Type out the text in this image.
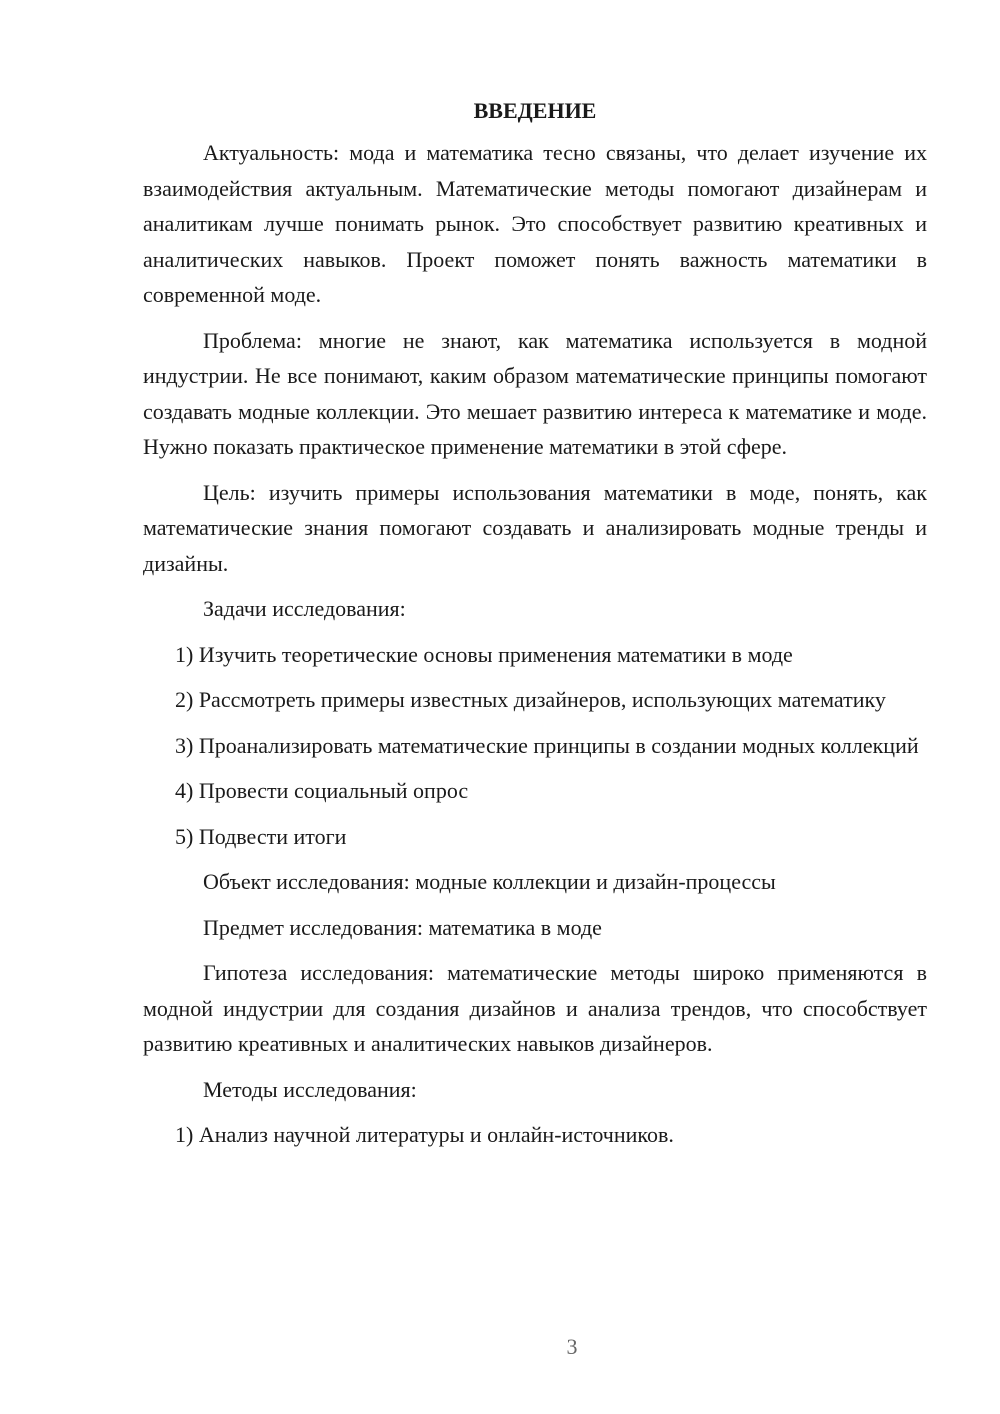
ВВЕДЕНИЕ

Актуальность: мода и математика тесно связаны, что делает изучение их взаимодействия актуальным. Математические методы помогают дизайнерам и аналитикам лучше понимать рынок. Это способствует развитию креативных и аналитических навыков. Проект поможет понять важность математики в современной моде.

Проблема: многие не знают, как математика используется в модной индустрии. Не все понимают, каким образом математические принципы помогают создавать модные коллекции. Это мешает развитию интереса к математике и моде. Нужно показать практическое применение математики в этой сфере.

Цель: изучить примеры использования математики в моде, понять, как математические знания помогают создавать и анализировать модные тренды и дизайны.

Задачи исследования:

1) Изучить теоретические основы применения математики в моде

2) Рассмотреть примеры известных дизайнеров, использующих математику

3) Проанализировать математические принципы в создании модных коллекций

4) Провести социальный опрос

5) Подвести итоги

Объект исследования: модные коллекции и дизайн-процессы

Предмет исследования: математика в моде

Гипотеза исследования: математические методы широко применяются в модной индустрии для создания дизайнов и анализа трендов, что способствует развитию креативных и аналитических навыков дизайнеров.

Методы исследования:

1) Анализ научной литературы и онлайн-источников.

3
